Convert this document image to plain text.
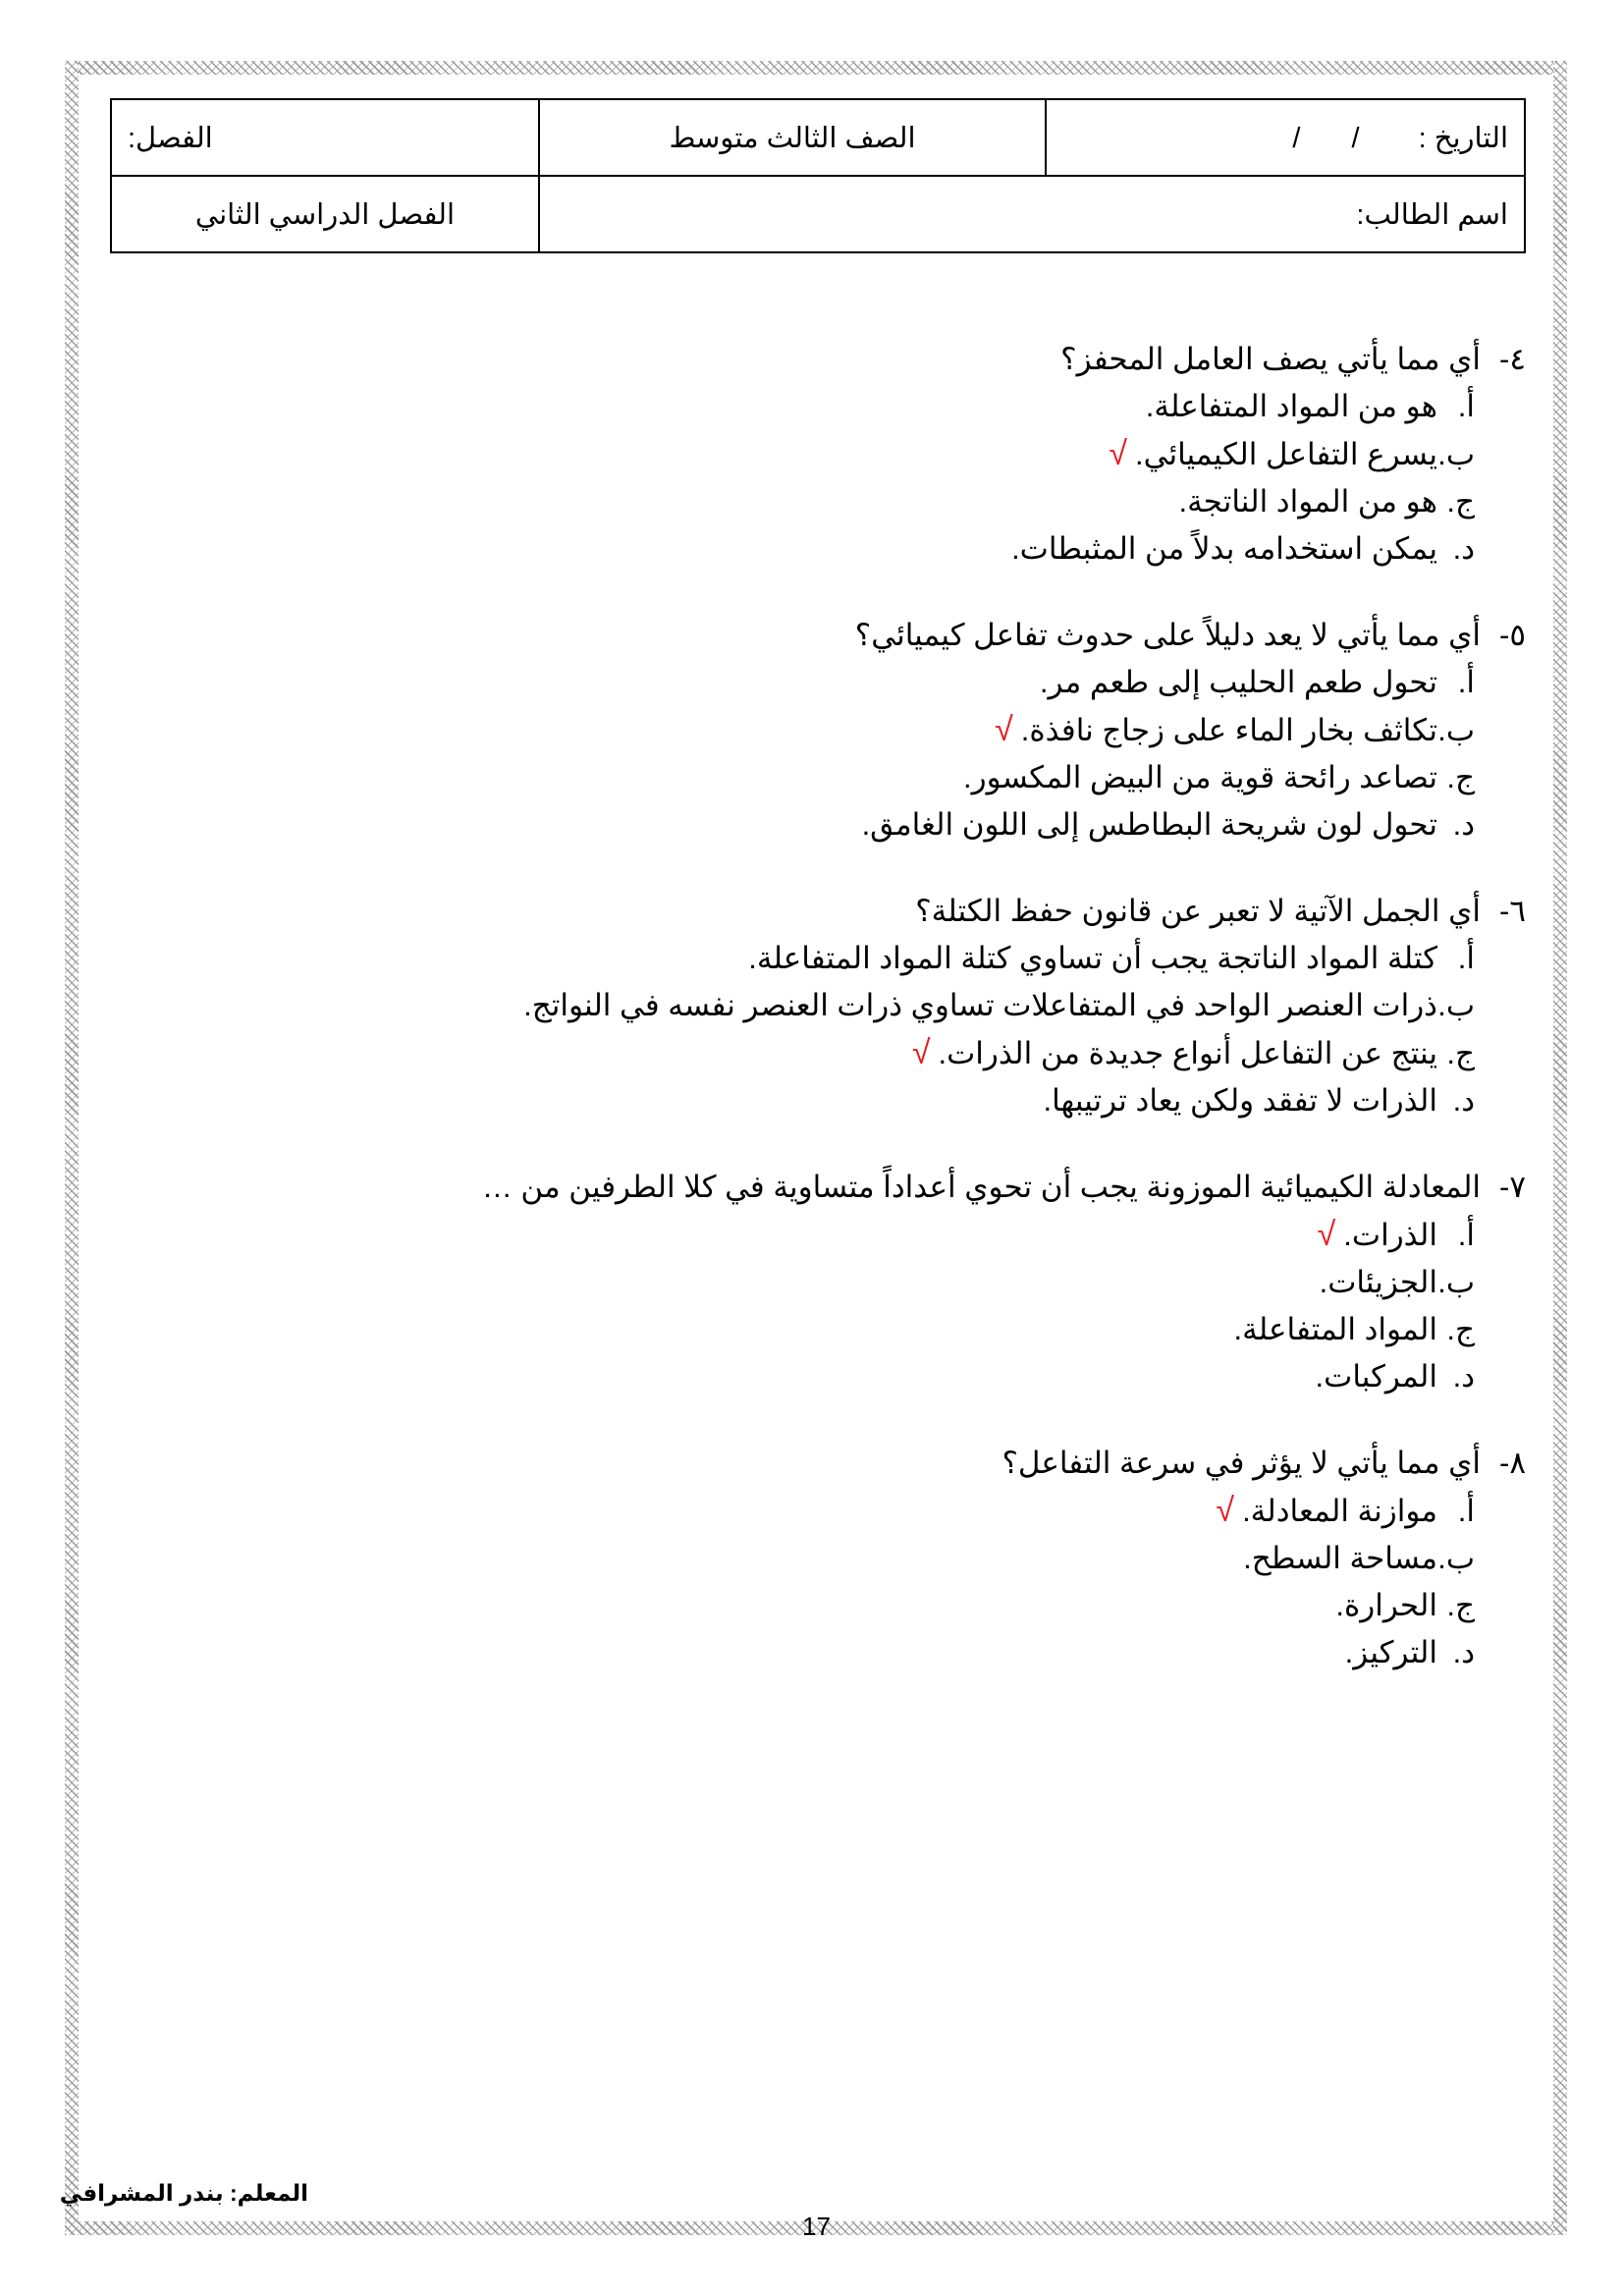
التاريخ : / /	الصف الثالث متوسط	الفصل:
اسم الطالب:		الفصل الدراسي الثاني
٤-أي مما يأتي يصف العامل المحفز؟
أ.هو من المواد المتفاعلة.
ب.يسرع التفاعل الكيميائي.√
ج.هو من المواد الناتجة.
د.يمكن استخدامه بدلاً من المثبطات.
٥-أي مما يأتي لا يعد دليلاً على حدوث تفاعل كيميائي؟
أ.تحول طعم الحليب إلى طعم مر.
ب.تكاثف بخار الماء على زجاج نافذة.√
ج.تصاعد رائحة قوية من البيض المكسور.
د.تحول لون شريحة البطاطس إلى اللون الغامق.
٦-أي الجمل الآتية لا تعبر عن قانون حفظ الكتلة؟
أ.كتلة المواد الناتجة يجب أن تساوي كتلة المواد المتفاعلة.
ب.ذرات العنصر الواحد في المتفاعلات تساوي ذرات العنصر نفسه في النواتج.
ج.ينتج عن التفاعل أنواع جديدة من الذرات.√
د.الذرات لا تفقد ولكن يعاد ترتيبها.
٧-المعادلة الكيميائية الموزونة يجب أن تحوي أعداداً متساوية في كلا الطرفين من …
أ.الذرات.√
ب.الجزيئات.
ج.المواد المتفاعلة.
د.المركبات.
٨-أي مما يأتي لا يؤثر في سرعة التفاعل؟
أ.موازنة المعادلة.√
ب.مساحة السطح.
ج.الحرارة.
د.التركيز.
المعلم: بندر المشرافي
17
